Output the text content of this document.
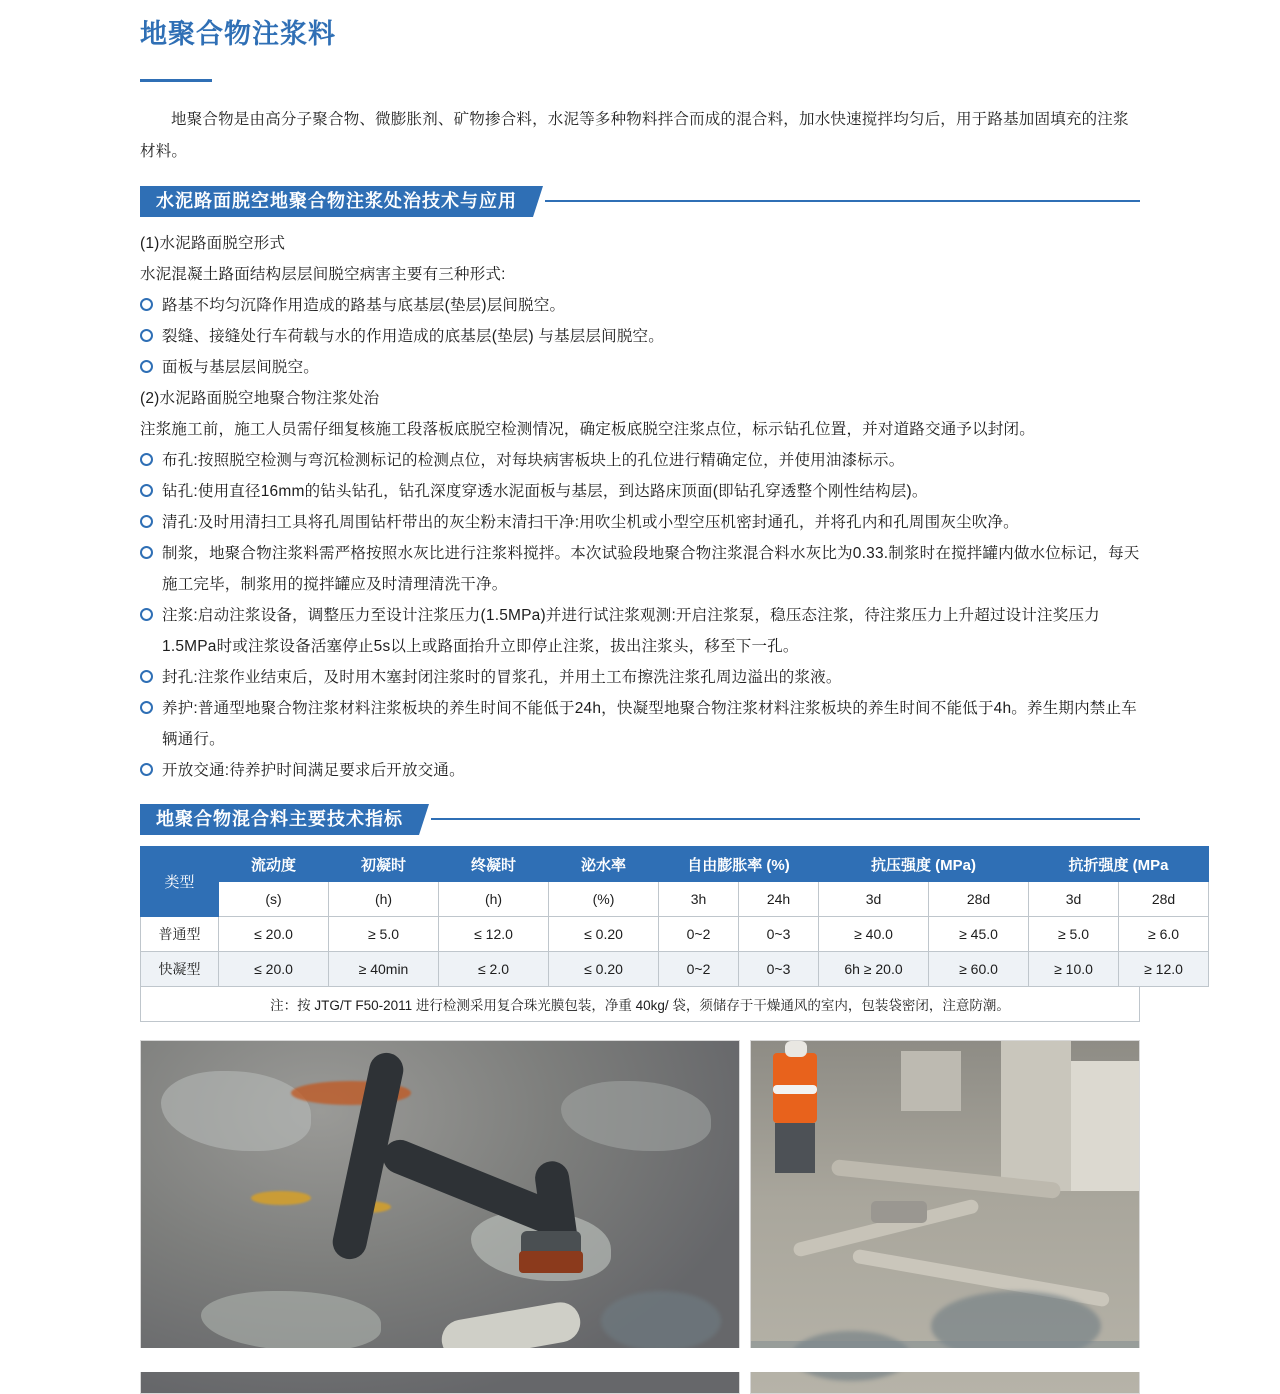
地聚合物注浆料

地聚合物是由高分子聚合物、微膨胀剂、矿物掺合料，水泥等多种物料拌合而成的混合料，加水快速搅拌均匀后，用于路基加固填充的注浆材料。

水泥路面脱空地聚合物注浆处治技术与应用

(1)水泥路面脱空形式

水泥混凝土路面结构层层间脱空病害主要有三种形式:

路基不均匀沉降作用造成的路基与底基层(垫层)层间脱空。
裂缝、接缝处行车荷载与水的作用造成的底基层(垫层) 与基层层间脱空。
面板与基层层间脱空。

(2)水泥路面脱空地聚合物注浆处治

注浆施工前，施工人员需仔细复核施工段落板底脱空检测情况，确定板底脱空注浆点位，标示钻孔位置，并对道路交通予以封闭。

布孔:按照脱空检测与弯沉检测标记的检测点位，对每块病害板块上的孔位进行精确定位，并使用油漆标示。
钻孔:使用直径16mm的钻头钻孔，钻孔深度穿透水泥面板与基层，到达路床顶面(即钻孔穿透整个刚性结构层)。
清孔:及时用清扫工具将孔周围钻杆带出的灰尘粉末清扫干净:用吹尘机或小型空压机密封通孔，并将孔内和孔周围灰尘吹净。
制浆，地聚合物注浆料需严格按照水灰比进行注浆料搅拌。本次试验段地聚合物注浆混合料水灰比为0.33.制浆时在搅拌罐内做水位标记，每天施工完毕，制浆用的搅拌罐应及时清理清洗干净。
注浆:启动注浆设备，调整压力至设计注浆压力(1.5MPa)并进行试注浆观测:开启注浆泵，稳压态注浆，待注浆压力上升超过设计注奖压力1.5MPa时或注浆设备活塞停止5s以上或路面抬升立即停止注浆，拔出注浆头，移至下一孔。
封孔:注浆作业结束后，及时用木塞封闭注浆时的冒浆孔，并用土工布擦洗注浆孔周边溢出的浆液。
养护:普通型地聚合物注浆材料注浆板块的养生时间不能低于24h，快凝型地聚合物注浆材料注浆板块的养生时间不能低于4h。养生期内禁止车辆通行。
开放交通:待养护时间满足要求后开放交通。
地聚合物混合料主要技术指标
类型	流动度	初凝时	终凝时	泌水率	自由膨胀率 (%)		抗压强度 (MPa)		抗折强度 (MPa	
	(s)	(h)	(h)	(%)	3h	24h	3d	28d	3d	28d
普通型	≤ 20.0	≥ 5.0	≤ 12.0	≤ 0.20	0~2	0~3	≥ 40.0	≥ 45.0	≥ 5.0	≥ 6.0
快凝型	≤ 20.0	≥ 40min	≤ 2.0	≤ 0.20	0~2	0~3	6h ≥ 20.0	≥ 60.0	≥ 10.0	≥ 12.0
注：按 JTG/T F50-2011 进行检测采用复合珠光膜包装，净重 40kg/ 袋，须储存于干燥通风的室内，包装袋密闭，注意防潮。
